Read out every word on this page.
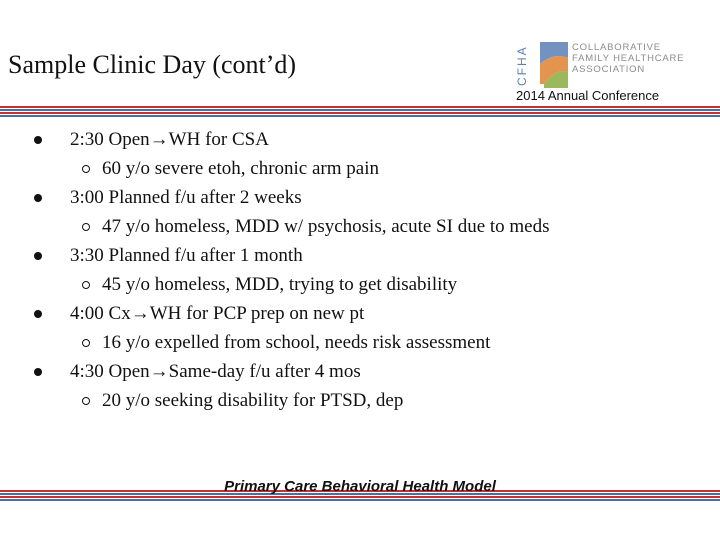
Sample Clinic Day (cont’d)	CFHA	COLLABORATIVE
FAMILY HEALTHCARE
ASSOCIATION
2014 Annual Conference
2:30 Open→WH for CSA
60 y/o severe etoh, chronic arm pain
3:00 Planned f/u after 2 weeks
47 y/o homeless, MDD w/ psychosis, acute SI due to meds
3:30 Planned f/u after 1 month
45 y/o homeless, MDD, trying to get disability
4:00 Cx→WH for PCP prep on new pt
16 y/o expelled from school, needs risk assessment
4:30 Open→Same-day f/u after 4 mos
20 y/o seeking disability for PTSD, dep
Primary Care Behavioral Health Model
